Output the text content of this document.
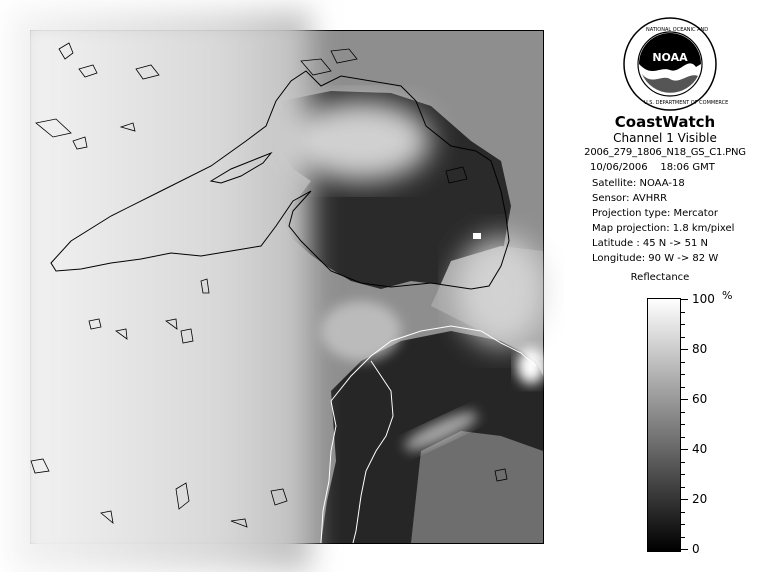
NOAA
NATIONAL OCEANIC AND
U.S. DEPARTMENT OF COMMERCE
CoastWatch
Channel 1 Visible
2006_279_1806_N18_GS_C1.PNG
10/06/2006 18:06 GMT
Satellite: NOAA-18
Sensor: AVHRR
Projection type: Mercator
Map projection: 1.8 km/pixel
Latitude : 45 N -> 51 N
Longitude: 90 W -> 82 W
Reflectance
%
100
80
60
40
20
0
